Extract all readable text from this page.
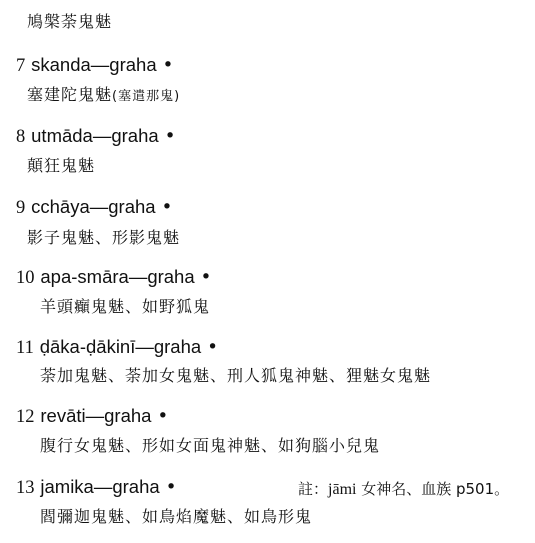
鳩槃荼鬼魅
7 skanda—graha •
塞建陀鬼魅(塞遣那鬼)
8 utmāda—graha •
顛狂鬼魅
9 cchāya—graha •
影子鬼魅、形影鬼魅
10 apa-smāra—graha •
羊頭癲鬼魅、如野狐鬼
11 ḍāka-ḍākinī—graha •
荼加鬼魅、荼加女鬼魅、刑人狐鬼神魅、狸魅女鬼魅
12 revāti—graha •
腹行女鬼魅、形如女面鬼神魅、如狗腦小兒鬼
13 jamika—graha •
閻彌迦鬼魅、如鳥焰魔魅、如鳥形鬼
註：jāmi 女神名、血族 p501。
